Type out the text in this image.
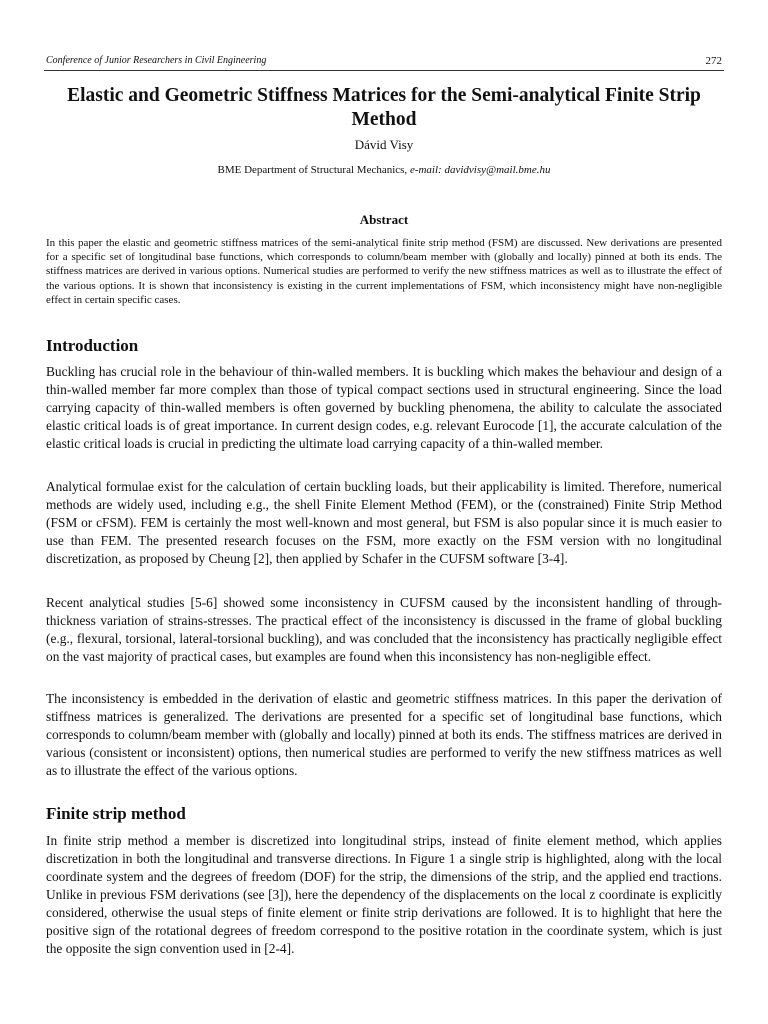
Conference of Junior Researchers in Civil Engineering	272
Elastic and Geometric Stiffness Matrices for the Semi-analytical Finite Strip Method
Dávid Visy
BME Department of Structural Mechanics, e-mail: davidvisy@mail.bme.hu
Abstract
In this paper the elastic and geometric stiffness matrices of the semi-analytical finite strip method (FSM) are discussed. New derivations are presented for a specific set of longitudinal base functions, which corresponds to column/beam member with (globally and locally) pinned at both its ends. The stiffness matrices are derived in various options. Numerical studies are performed to verify the new stiffness matrices as well as to illustrate the effect of the various options. It is shown that inconsistency is existing in the current implementations of FSM, which inconsistency might have non-negligible effect in certain specific cases.
Introduction
Buckling has crucial role in the behaviour of thin-walled members. It is buckling which makes the behaviour and design of a thin-walled member far more complex than those of typical compact sections used in structural engineering. Since the load carrying capacity of thin-walled members is often governed by buckling phenomena, the ability to calculate the associated elastic critical loads is of great importance. In current design codes, e.g. relevant Eurocode [1], the accurate calculation of the elastic critical loads is crucial in predicting the ultimate load carrying capacity of a thin-walled member.
Analytical formulae exist for the calculation of certain buckling loads, but their applicability is limited. Therefore, numerical methods are widely used, including e.g., the shell Finite Element Method (FEM), or the (constrained) Finite Strip Method (FSM or cFSM). FEM is certainly the most well-known and most general, but FSM is also popular since it is much easier to use than FEM. The presented research focuses on the FSM, more exactly on the FSM version with no longitudinal discretization, as proposed by Cheung [2], then applied by Schafer in the CUFSM software [3-4].
Recent analytical studies [5-6] showed some inconsistency in CUFSM caused by the inconsistent handling of through-thickness variation of strains-stresses. The practical effect of the inconsistency is discussed in the frame of global buckling (e.g., flexural, torsional, lateral-torsional buckling), and was concluded that the inconsistency has practically negligible effect on the vast majority of practical cases, but examples are found when this inconsistency has non-negligible effect.
The inconsistency is embedded in the derivation of elastic and geometric stiffness matrices. In this paper the derivation of stiffness matrices is generalized. The derivations are presented for a specific set of longitudinal base functions, which corresponds to column/beam member with (globally and locally) pinned at both its ends. The stiffness matrices are derived in various (consistent or inconsistent) options, then numerical studies are performed to verify the new stiffness matrices as well as to illustrate the effect of the various options.
Finite strip method
In finite strip method a member is discretized into longitudinal strips, instead of finite element method, which applies discretization in both the longitudinal and transverse directions. In Figure 1 a single strip is highlighted, along with the local coordinate system and the degrees of freedom (DOF) for the strip, the dimensions of the strip, and the applied end tractions. Unlike in previous FSM derivations (see [3]), here the dependency of the displacements on the local z coordinate is explicitly considered, otherwise the usual steps of finite element or finite strip derivations are followed. It is to highlight that here the positive sign of the rotational degrees of freedom correspond to the positive rotation in the coordinate system, which is just the opposite the sign convention used in [2-4].
